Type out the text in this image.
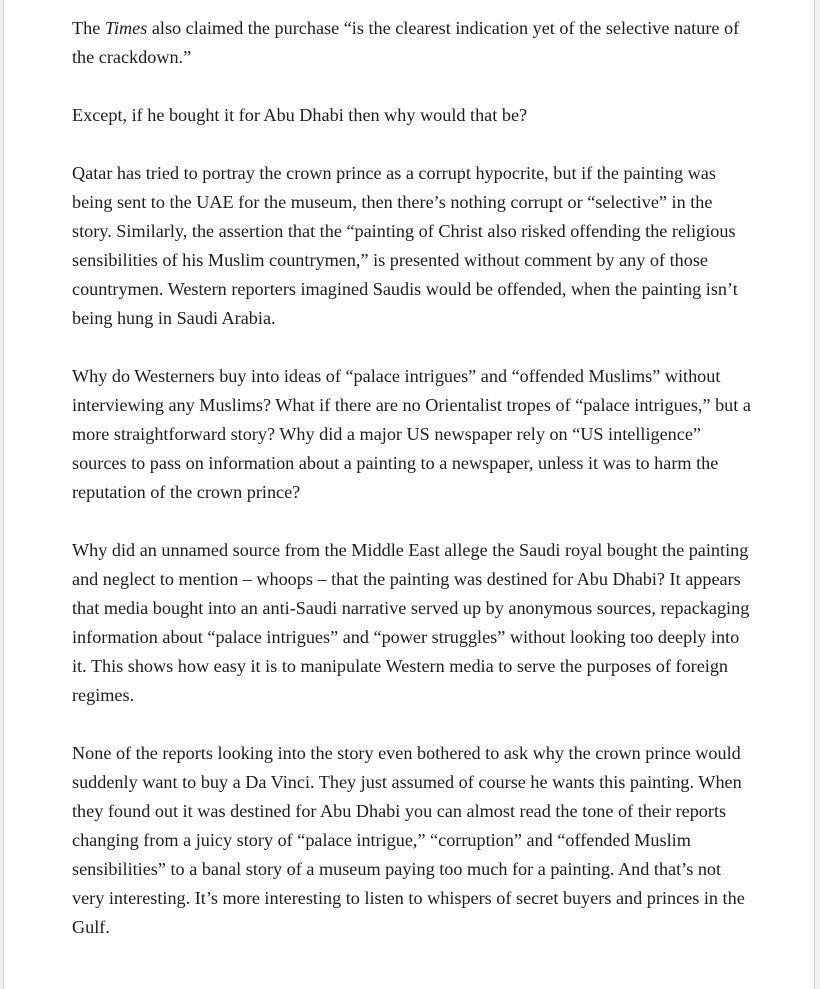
The Times also claimed the purchase “is the clearest indication yet of the selective nature of the crackdown.”

Except, if he bought it for Abu Dhabi then why would that be?

Qatar has tried to portray the crown prince as a corrupt hypocrite, but if the painting was being sent to the UAE for the museum, then there’s nothing corrupt or “selective” in the story. Similarly, the assertion that the “painting of Christ also risked offending the religious sensibilities of his Muslim countrymen,” is presented without comment by any of those countrymen. Western reporters imagined Saudis would be offended, when the painting isn’t being hung in Saudi Arabia.

Why do Westerners buy into ideas of “palace intrigues” and “offended Muslims” without interviewing any Muslims? What if there are no Orientalist tropes of “palace intrigues,” but a more straightforward story? Why did a major US newspaper rely on “US intelligence” sources to pass on information about a painting to a newspaper, unless it was to harm the reputation of the crown prince?

Why did an unnamed source from the Middle East allege the Saudi royal bought the painting and neglect to mention – whoops – that the painting was destined for Abu Dhabi? It appears that media bought into an anti-Saudi narrative served up by anonymous sources, repackaging information about “palace intrigues” and “power struggles” without looking too deeply into it. This shows how easy it is to manipulate Western media to serve the purposes of foreign regimes.

None of the reports looking into the story even bothered to ask why the crown prince would suddenly want to buy a Da Vinci. They just assumed of course he wants this painting. When they found out it was destined for Abu Dhabi you can almost read the tone of their reports changing from a juicy story of “palace intrigue,” “corruption” and “offended Muslim sensibilities” to a banal story of a museum paying too much for a painting. And that’s not very interesting. It’s more interesting to listen to whispers of secret buyers and princes in the Gulf.
